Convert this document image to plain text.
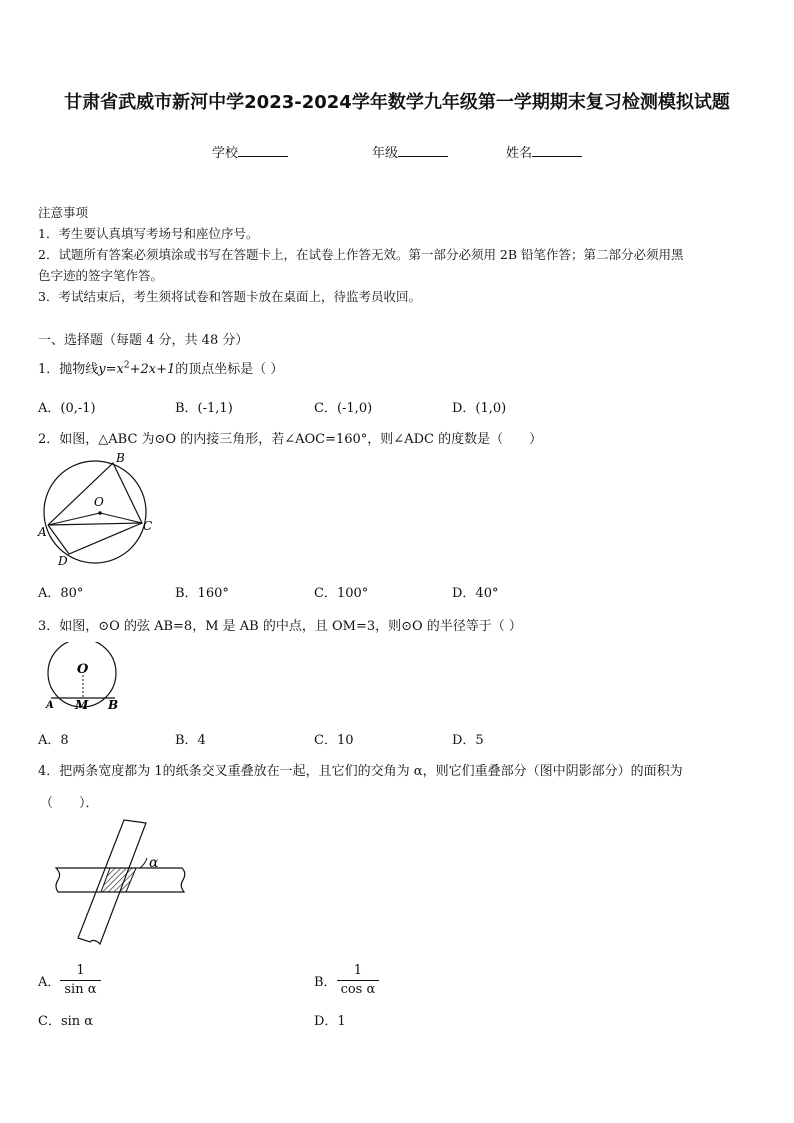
甘肃省武威市新河中学2023-2024学年数学九年级第一学期期末复习检测模拟试题
学校	年级	姓名
注意事项
1．考生要认真填写考场号和座位序号。
2．试题所有答案必须填涂或书写在答题卡上，在试卷上作答无效。第一部分必须用 2B 铅笔作答；第二部分必须用黑
色字迹的签字笔作答。
3．考试结束后，考生须将试卷和答题卡放在桌面上，待监考员收回。
一、选择题（每题 4 分，共 48 分）
1．抛物线$y=x^2+2x+1$的顶点坐标是（ ）
A．(0,-1)	B．(-1,1)	C．(-1,0)	D．(1,0)
2．如图，△ABC 为⊙O 的内接三角形，若∠AOC=160°，则∠ADC 的度数是（　　）
B
O
A	C
D
A．80°	B．160°	C．100°	D．40°
3．如图，⊙O 的弦 AB=8，M 是 AB 的中点，且 OM=3，则⊙O 的半径等于（ ）
O
A M B
A．8	B．4	C．10	D．5
4．把两条宽度都为 1的纸条交叉重叠放在一起，且它们的交角为 α，则它们重叠部分（图中阴影部分）的面积为
（　　）．
α
A． $\frac{1}{\text{sin α}}$	B． $\frac{1}{\text{cos α}}$
C．sin α	D．1
